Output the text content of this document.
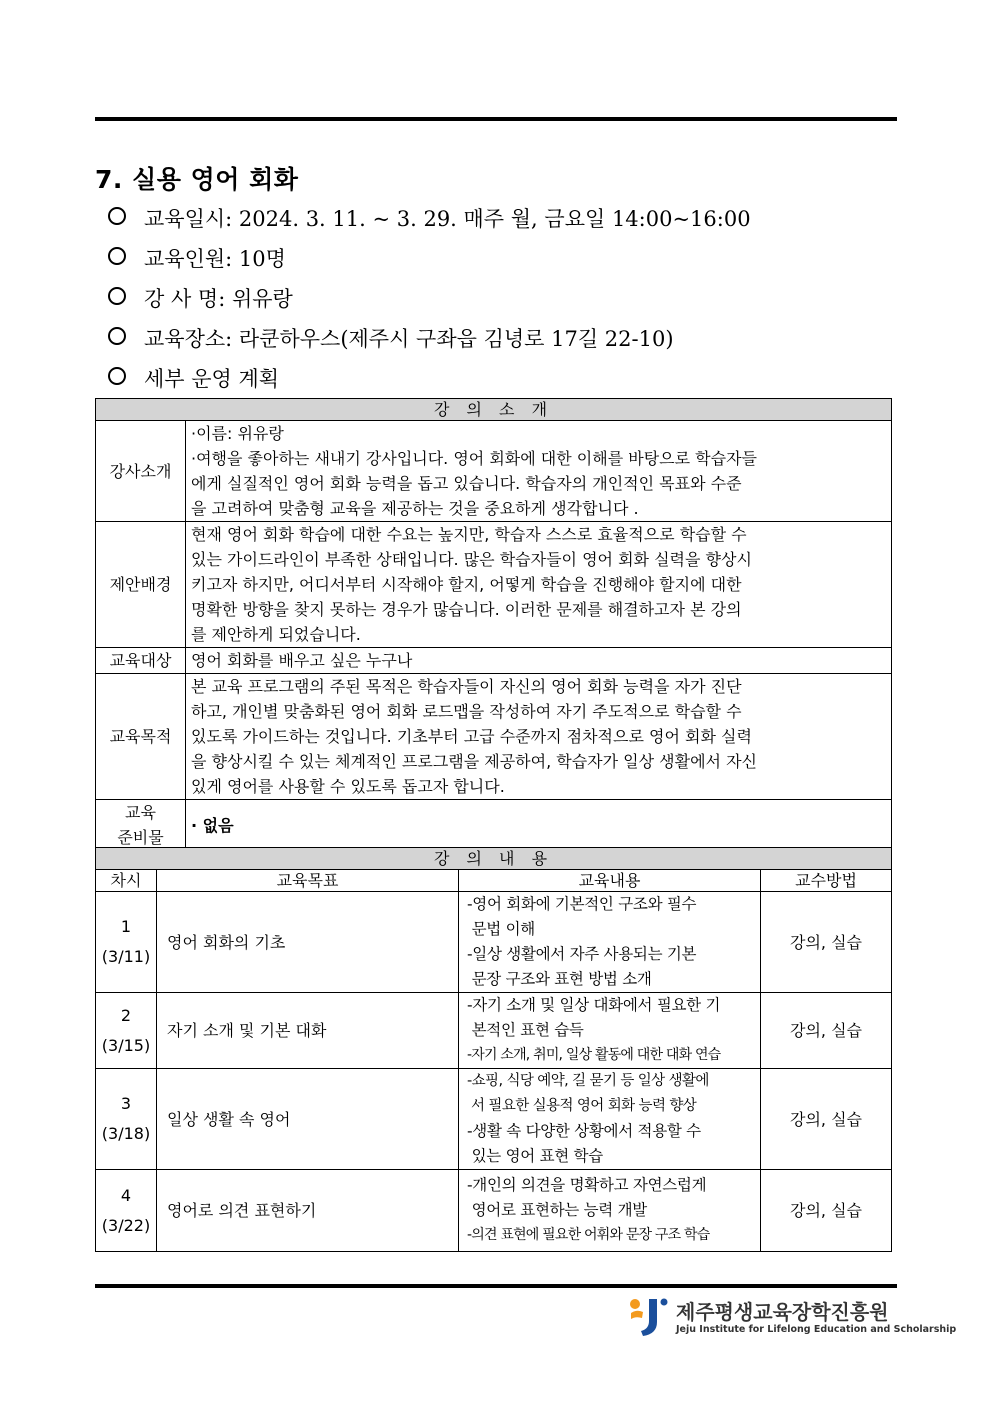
7. 실용 영어 회화
교육일시: 2024. 3. 11. ~ 3. 29. 매주 월, 금요일 14:00~16:00
교육인원: 10명
강 사 명: 위유랑
교육장소: 라쿤하우스(제주시 구좌읍 김녕로 17길 22-10)
세부 운영 계획
강 의 소 개	
강사소개	·이름: 위유랑
·여행을 좋아하는 새내기 강사입니다. 영어 회화에 대한 이해를 바탕으로 학습자들
에게 실질적인 영어 회화 능력을 돕고 있습니다. 학습자의 개인적인 목표와 수준
을 고려하여 맞춤형 교육을 제공하는 것을 중요하게 생각합니다 .

제안배경	현재 영어 회화 학습에 대한 수요는 높지만, 학습자 스스로 효율적으로 학습할 수
있는 가이드라인이 부족한 상태입니다. 많은 학습자들이 영어 회화 실력을 향상시
키고자 하지만, 어디서부터 시작해야 할지, 어떻게 학습을 진행해야 할지에 대한
명확한 방향을 찾지 못하는 경우가 많습니다. 이러한 문제를 해결하고자 본 강의
를 제안하게 되었습니다.

교육대상	영어 회화를 배우고 싶은 누구나
교육목적	본 교육 프로그램의 주된 목적은 학습자들이 자신의 영어 회화 능력을 자가 진단
하고, 개인별 맞춤화된 영어 회화 로드맵을 작성하여 자기 주도적으로 학습할 수
있도록 가이드하는 것입니다. 기초부터 고급 수준까지 점차적으로 영어 회화 실력
을 향상시킬 수 있는 체계적인 프로그램을 제공하여, 학습자가 일상 생활에서 자신
있게 영어를 사용할 수 있도록 돕고자 합니다.

교육
준비물	· 없음
강 의 내 용			
차시	교육목표	교육내용	교수방법

1
(3/11)	영어 회화의 기초	-영어 회화에 기본적인 구조와 필수
문법 이해
-일상 생활에서 자주 사용되는 기본
문장 구조와 표현 방법 소개	강의, 실습

2
(3/15)	자기 소개 및 기본 대화	-자기 소개 및 일상 대화에서 필요한 기
본적인 표현 습득
-자기 소개, 취미, 일상 활동에 대한 대화 연습	강의, 실습

3
(3/18)	일상 생활 속 영어	-쇼핑, 식당 예약, 길 묻기 등 일상 생활에
서 필요한 실용적 영어 회화 능력 향상
-생활 속 다양한 상황에서 적용할 수
있는 영어 표현 학습	강의, 실습

4
(3/22)	영어로 의견 표현하기	-개인의 의견을 명확하고 자연스럽게
영어로 표현하는 능력 개발
-의견 표현에 필요한 어휘와 문장 구조 학습	강의, 실습
제주평생교육장학진흥원
Jeju Institute for Lifelong Education and Scholarship
